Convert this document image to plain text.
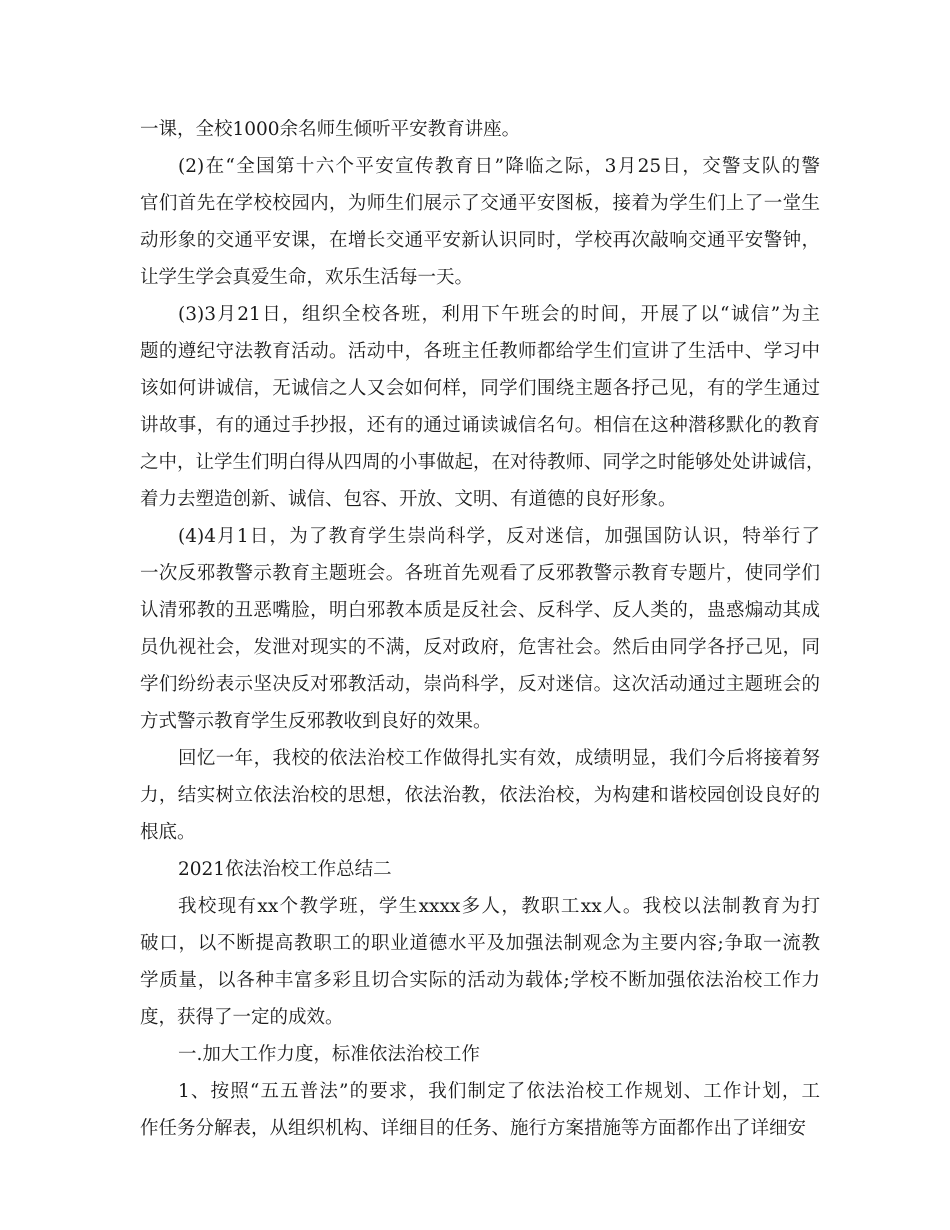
一课，全校1000余名师生倾听平安教育讲座。
(2)在“全国第十六个平安宣传教育日”降临之际，3月25日，交警支队的警
官们首先在学校校园内，为师生们展示了交通平安图板，接着为学生们上了一堂生
动形象的交通平安课，在增长交通平安新认识同时，学校再次敲响交通平安警钟，
让学生学会真爱生命，欢乐生活每一天。
(3)3月21日，组织全校各班，利用下午班会的时间，开展了以“诚信”为主
题的遵纪守法教育活动。活动中，各班主任教师都给学生们宣讲了生活中、学习中
该如何讲诚信，无诚信之人又会如何样，同学们围绕主题各抒己见，有的学生通过
讲故事，有的通过手抄报，还有的通过诵读诚信名句。相信在这种潜移默化的教育
之中，让学生们明白得从四周的小事做起，在对待教师、同学之时能够处处讲诚信，
着力去塑造创新、诚信、包容、开放、文明、有道德的良好形象。
(4)4月1日，为了教育学生崇尚科学，反对迷信，加强国防认识，特举行了
一次反邪教警示教育主题班会。各班首先观看了反邪教警示教育专题片，使同学们
认清邪教的丑恶嘴脸，明白邪教本质是反社会、反科学、反人类的，蛊惑煽动其成
员仇视社会，发泄对现实的不满，反对政府，危害社会。然后由同学各抒己见，同
学们纷纷表示坚决反对邪教活动，崇尚科学，反对迷信。这次活动通过主题班会的
方式警示教育学生反邪教收到良好的效果。
回忆一年，我校的依法治校工作做得扎实有效，成绩明显，我们今后将接着努
力，结实树立依法治校的思想，依法治教，依法治校，为构建和谐校园创设良好的
根底。
2021依法治校工作总结二
我校现有xx个教学班，学生xxxx多人，教职工xx人。我校以法制教育为打
破口，以不断提高教职工的职业道德水平及加强法制观念为主要内容;争取一流教
学质量，以各种丰富多彩且切合实际的活动为载体;学校不断加强依法治校工作力
度，获得了一定的成效。
一.加大工作力度，标准依法治校工作
1、按照“五五普法”的要求，我们制定了依法治校工作规划、工作计划，工
作任务分解表，从组织机构、详细目的任务、施行方案措施等方面都作出了详细安
